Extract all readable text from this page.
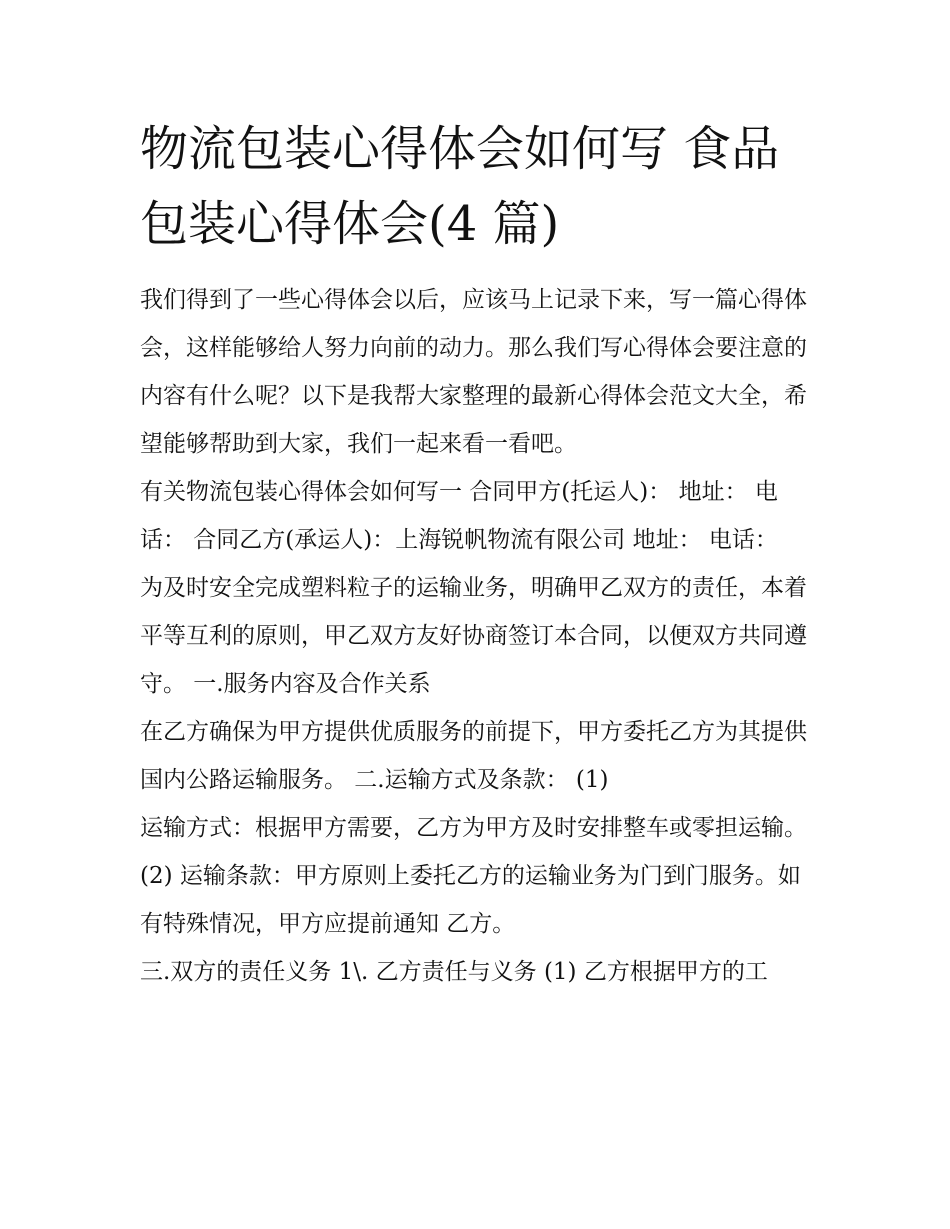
物流包装心得体会如何写 食品
包装心得体会(4 篇)

我们得到了一些心得体会以后，应该马上记录下来，写一篇心得体会，这样能够给人努力向前的动力。那么我们写心得体会要注意的内容有什么呢？以下是我帮大家整理的最新心得体会范文大全，希望能够帮助到大家，我们一起来看一看吧。

有关物流包装心得体会如何写一 合同甲方(托运人)： 地址： 电话： 合同乙方(承运人)：上海锐帆物流有限公司 地址： 电话：

为及时安全完成塑料粒子的运输业务，明确甲乙双方的责任，本着平等互利的原则，甲乙双方友好协商签订本合同，以便双方共同遵守。 一.服务内容及合作关系

在乙方确保为甲方提供优质服务的前提下，甲方委托乙方为其提供国内公路运输服务。 二.运输方式及条款： (1)

运输方式：根据甲方需要，乙方为甲方及时安排整车或零担运输。 (2) 运输条款：甲方原则上委托乙方的运输业务为门到门服务。如有特殊情况，甲方应提前通知 乙方。

三.双方的责任义务 1\. 乙方责任与义务 (1) 乙方根据甲方的工
